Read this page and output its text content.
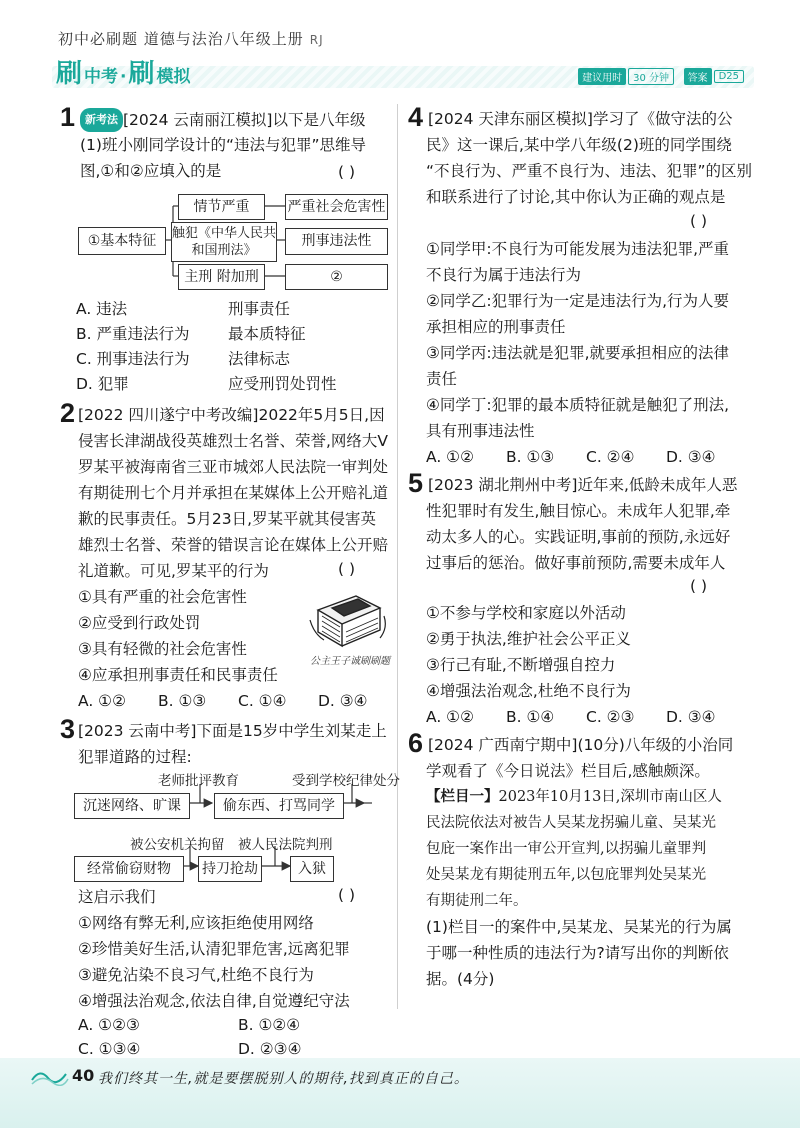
初中必刷题 道德与法治八年级上册 RJ
刷 中考 · 刷 模拟	建议用时	30 分钟	答案	D25
1 新考法 [2024 云南丽江模拟]以下是八年级
(1)班小刚同学设计的“违法与犯罪”思维导
图,①和②应填入的是	( )
①基本特征
情节严重	严重社会危害性
触犯《中华人民共和国刑法》
刑事违法性
主刑 附加刑	②
A. 违法	刑事责任
B. 严重违法行为 最本质特征
C. 刑事违法行为 法律标志
D. 犯罪	应受刑罚处罚性
2 [2022 四川遂宁中考改编]2022年5月5日,因
侵害长津湖战役英雄烈士名誉、荣誉,网络大V
罗某平被海南省三亚市城郊人民法院一审判处
有期徒刑七个月并承担在某媒体上公开赔礼道
歉的民事责任。5月23日,罗某平就其侵害英
雄烈士名誉、荣誉的错误言论在媒体上公开赔
礼道歉。可见,罗某平的行为	( )
①具有严重的社会危害性
②应受到行政处罚
③具有轻微的社会危害性
④应承担刑事责任和民事责任
A. ①② B. ①③ C. ①④ D. ③④
公主王子诚刷刷题
3 [2023 云南中考]下面是15岁中学生刘某走上
犯罪道路的过程:
老师批评教育	受到学校纪律处分
沉迷网络、旷课	偷东西、打骂同学
被公安机关拘留 被人民法院判刑
经常偷窃财物	持刀抢劫	入狱
这启示我们	( )
①网络有弊无利,应该拒绝使用网络
②珍惜美好生活,认清犯罪危害,远离犯罪
③避免沾染不良习气,杜绝不良行为
④增强法治观念,依法自律,自觉遵纪守法
A. ①②③	B. ①②④
C. ①③④	D. ②③④
4 [2024 天津东丽区模拟]学习了《做守法的公
民》这一课后,某中学八年级(2)班的同学围绕
“不良行为、严重不良行为、违法、犯罪”的区别
和联系进行了讨论,其中你认为正确的观点是
( )
①同学甲:不良行为可能发展为违法犯罪,严重
不良行为属于违法行为
②同学乙:犯罪行为一定是违法行为,行为人要
承担相应的刑事责任
③同学丙:违法就是犯罪,就要承担相应的法律
责任
④同学丁:犯罪的最本质特征就是触犯了刑法,
具有刑事违法性
A. ①② B. ①③ C. ②④ D. ③④
5 [2023 湖北荆州中考]近年来,低龄未成年人恶
性犯罪时有发生,触目惊心。未成年人犯罪,牵
动太多人的心。实践证明,事前的预防,永远好
过事后的惩治。做好事前预防,需要未成年人
( )
①不参与学校和家庭以外活动
②勇于执法,维护社会公平正义
③行己有耻,不断增强自控力
④增强法治观念,杜绝不良行为
A. ①② B. ①④ C. ②③ D. ③④
6 [2024 广西南宁期中](10分)八年级的小治同
学观看了《今日说法》栏目后,感触颇深。
【栏目一】2023年10月13日,深圳市南山区人
民法院依法对被告人吴某龙拐骗儿童、吴某光
包庇一案作出一审公开宣判,以拐骗儿童罪判
处吴某龙有期徒刑五年,以包庇罪判处吴某光
有期徒刑二年。
(1)栏目一的案件中,吴某龙、吴某光的行为属
于哪一种性质的违法行为?请写出你的判断依
据。(4分)
40 我们终其一生,就是要摆脱别人的期待,找到真正的自己。
